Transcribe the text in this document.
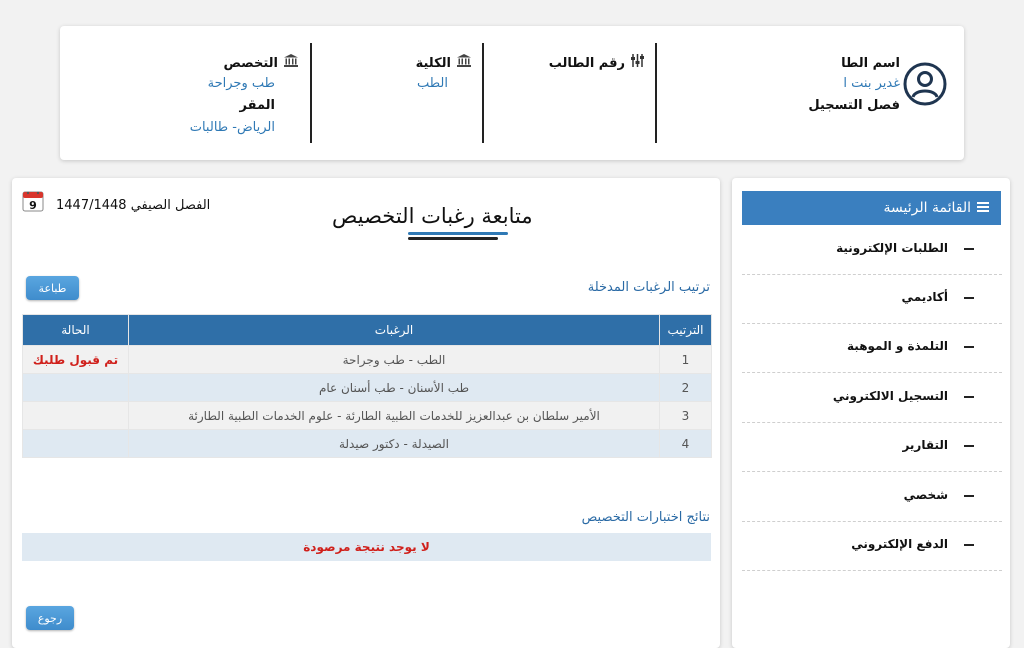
اسم الطا
غدير بنت ا
فصل التسجيل
رقم الطالب
الكلية
الطب
التخصص
طب وجراحة
المقر
الرياض- طالبات
متابعة رغبات التخصيص
9 الفصل الصيفي 1447/1448
طباعة	ترتيب الرغبات المدخلة
الترتيب	الرغبات	الحالة
1	الطب - طب وجراحة	تم قبول طلبك
2	طب الأسنان - طب أسنان عام	
3	الأمير سلطان بن عبدالعزيز للخدمات الطبية الطارئة - علوم الخدمات الطبية الطارئة	
4	الصيدلة - دكتور صيدلة	
نتائج اختبارات التخصيص
لا يوجد نتيجة مرصودة
رجوع
القائمة الرئيسة
الطلبات الإلكترونية
أكاديمي
التلمذة و الموهبة
التسجيل الالكتروني
التقارير
شخصي
الدفع الإلكتروني
